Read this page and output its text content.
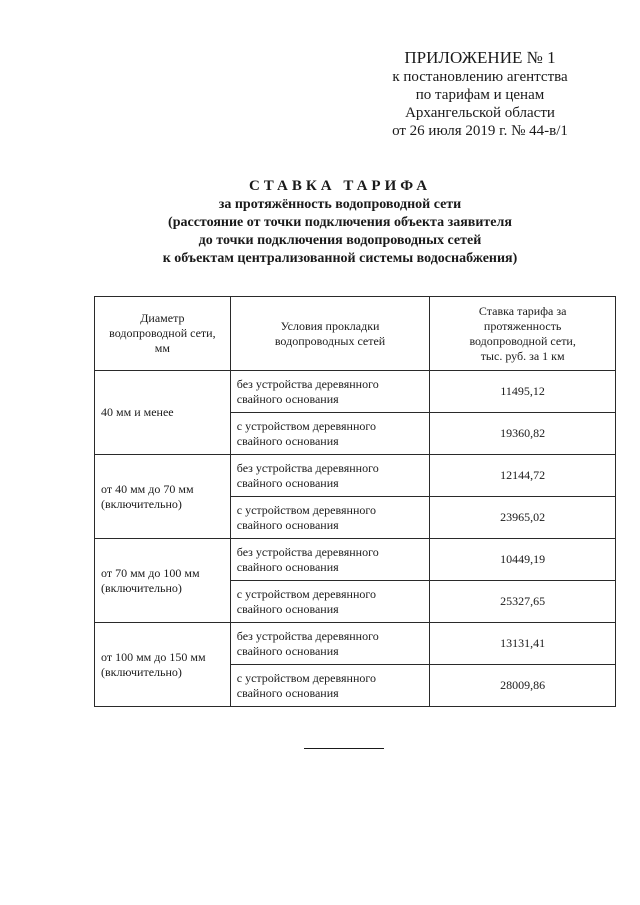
ПРИЛОЖЕНИЕ № 1
к постановлению агентства
по тарифам и ценам
Архангельской области
от 26 июля 2019 г. № 44-в/1
СТАВКА ТАРИФА
за протяжённость водопроводной сети
(расстояние от точки подключения объекта заявителя
до точки подключения водопроводных сетей
к объектам централизованной системы водоснабжения)
Диаметр водопроводной сети, мм	Условия прокладки водопроводных сетей	Ставка тарифа за протяженность водопроводной сети, тыс. руб. за 1 км
40 мм и менее	без устройства деревянного свайного основания	11495,12
	с устройством деревянного свайного основания	19360,82
от 40 мм до 70 мм (включительно)	без устройства деревянного свайного основания	12144,72
	с устройством деревянного свайного основания	23965,02
от 70 мм до 100 мм (включительно)	без устройства деревянного свайного основания	10449,19
	с устройством деревянного свайного основания	25327,65
от 100 мм до 150 мм (включительно)	без устройства деревянного свайного основания	13131,41
	с устройством деревянного свайного основания	28009,86
